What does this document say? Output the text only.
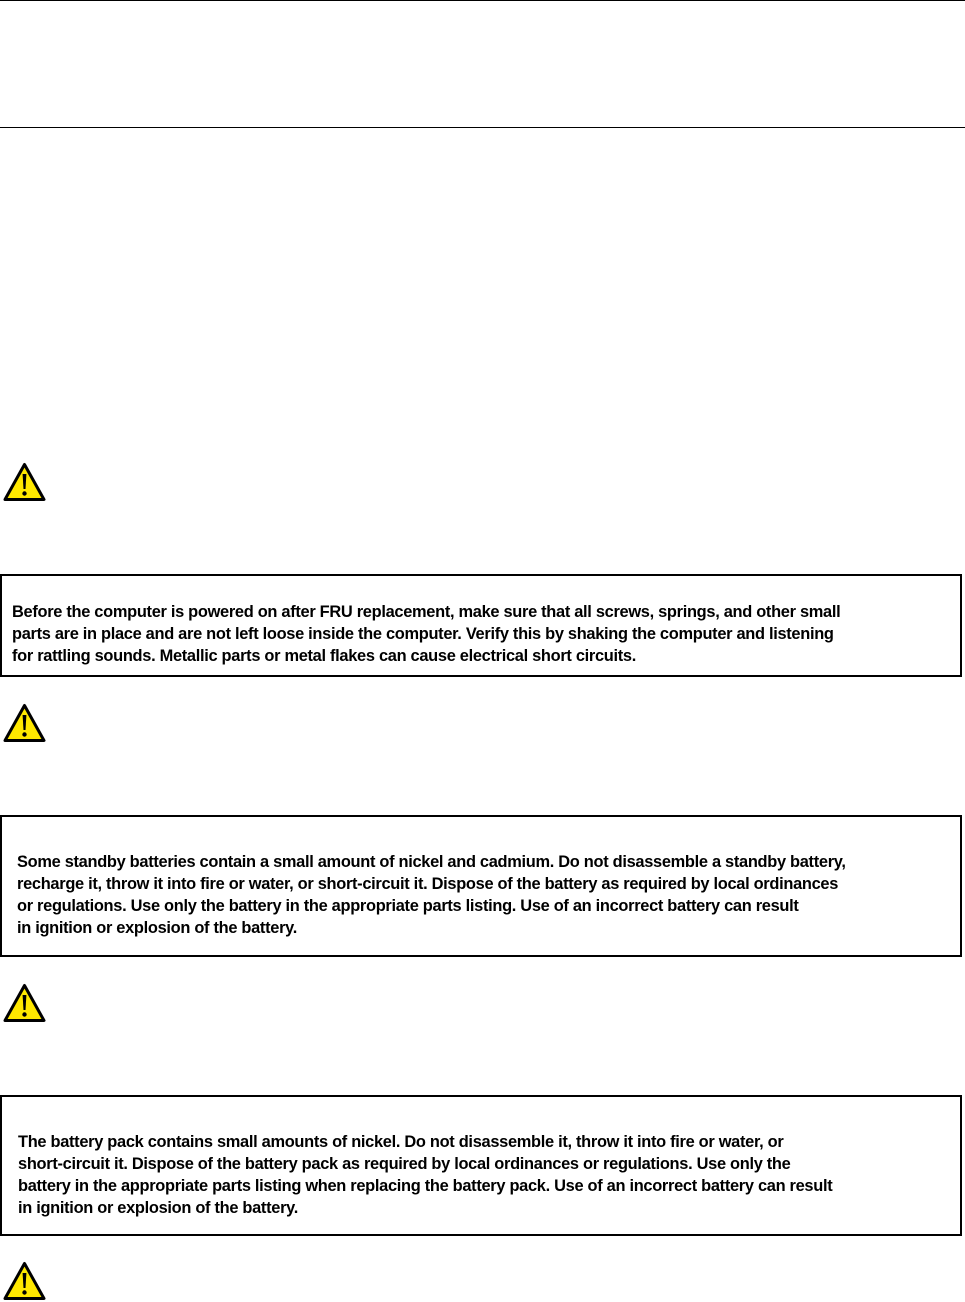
Before the computer is powered on after FRU replacement, make sure that all screws, springs, and other small
parts are in place and are not left loose inside the computer. Verify this by shaking the computer and listening
for rattling sounds. Metallic parts or metal flakes can cause electrical short circuits.

Some standby batteries contain a small amount of nickel and cadmium. Do not disassemble a standby battery,
recharge it, throw it into fire or water, or short-circuit it. Dispose of the battery as required by local ordinances
or regulations. Use only the battery in the appropriate parts listing. Use of an incorrect battery can result
in ignition or explosion of the battery.

The battery pack contains small amounts of nickel. Do not disassemble it, throw it into fire or water, or
short-circuit it. Dispose of the battery pack as required by local ordinances or regulations. Use only the
battery in the appropriate parts listing when replacing the battery pack. Use of an incorrect battery can result
in ignition or explosion of the battery.
